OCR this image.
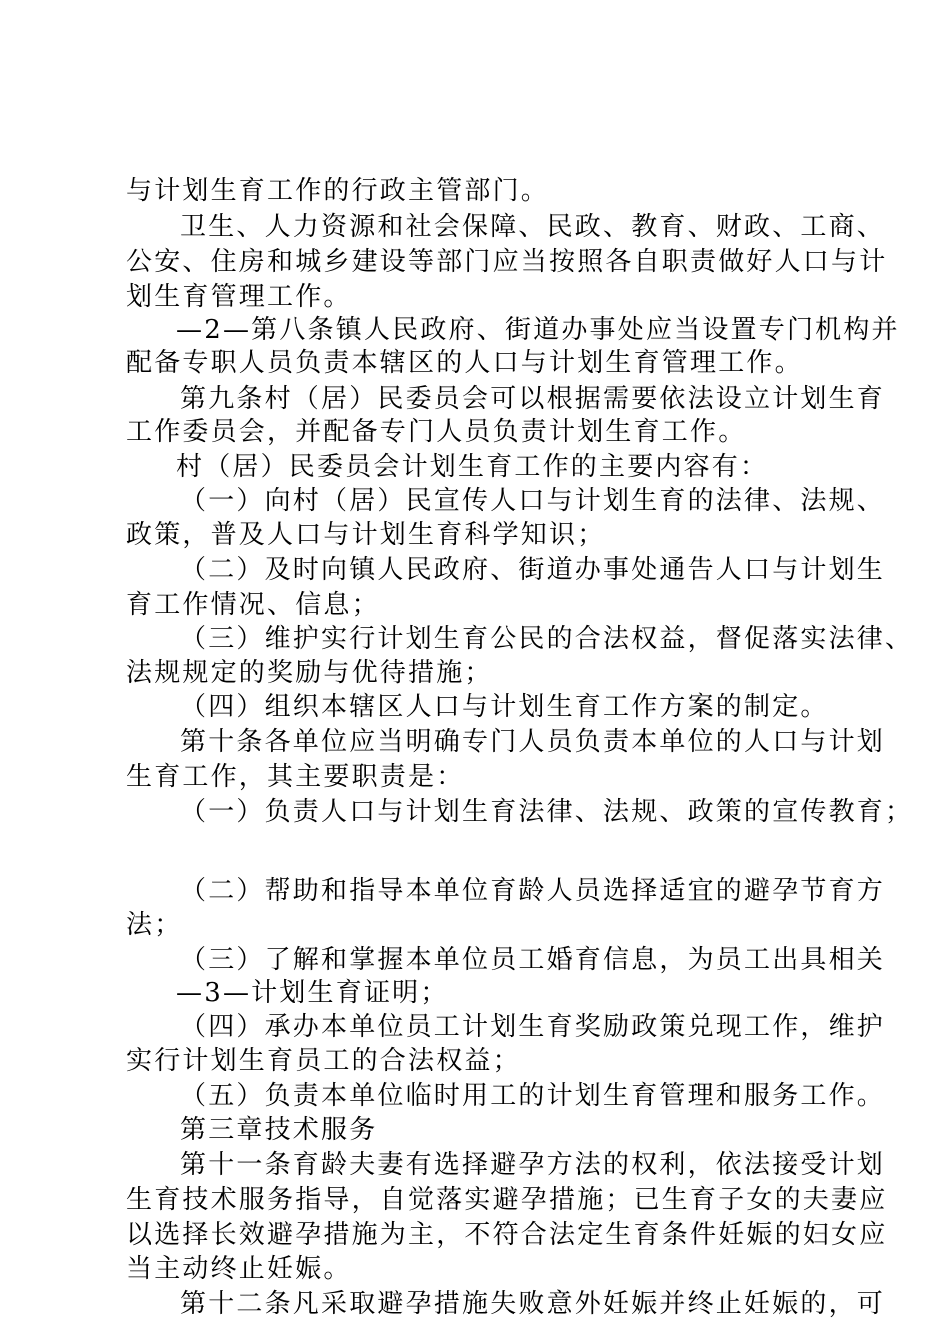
与计划生育工作的行政主管部门。
卫生、人力资源和社会保障、民政、教育、财政、工商、
公安、住房和城乡建设等部门应当按照各自职责做好人口与计
划生育管理工作。
—2—第八条镇人民政府、街道办事处应当设置专门机构并
配备专职人员负责本辖区的人口与计划生育管理工作。
第九条村（居）民委员会可以根据需要依法设立计划生育
工作委员会，并配备专门人员负责计划生育工作。
村（居）民委员会计划生育工作的主要内容有：
（一）向村（居）民宣传人口与计划生育的法律、法规、
政策，普及人口与计划生育科学知识；
（二）及时向镇人民政府、街道办事处通告人口与计划生
育工作情况、信息；
（三）维护实行计划生育公民的合法权益，督促落实法律、
法规规定的奖励与优待措施；
（四）组织本辖区人口与计划生育工作方案的制定。
第十条各单位应当明确专门人员负责本单位的人口与计划
生育工作，其主要职责是：
（一）负责人口与计划生育法律、法规、政策的宣传教育；
（二）帮助和指导本单位育龄人员选择适宜的避孕节育方
法；
（三）了解和掌握本单位员工婚育信息，为员工出具相关
—3—计划生育证明；
（四）承办本单位员工计划生育奖励政策兑现工作，维护
实行计划生育员工的合法权益；
（五）负责本单位临时用工的计划生育管理和服务工作。
第三章技术服务
第十一条育龄夫妻有选择避孕方法的权利，依法接受计划
生育技术服务指导，自觉落实避孕措施；已生育子女的夫妻应
以选择长效避孕措施为主，不符合法定生育条件妊娠的妇女应
当主动终止妊娠。
第十二条凡采取避孕措施失败意外妊娠并终止妊娠的，可
